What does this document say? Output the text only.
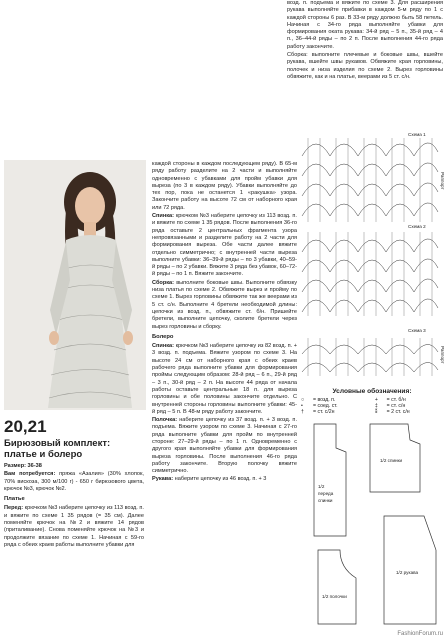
возд. п. подъема и вяжите по схеме 3. Для расширения рукава выполняйте прибавки в каждом 5-м ряду по 1 с каждой стороны 6 раз. В 33-м ряду должно быть 58 петель. Начиная с 34-го ряда выполняйте убавки для формирования оката рукава: 34-й ряд – 5 п., 35-й ряд – 4 п., 36–44-й ряды – по 2 п. После выполнения 44-го ряда работу закончите.

Сборка: выполните плечевые и боковые швы, вшейте рукава, вшейте швы рукавов. Обвяжите края горловины, полочек и низа изделия по схеме 2. Вырез горловины обвяжите, как и на платье, веерами из 5 ст. с/н.

каждой стороны в каждом последующем ряду). В 65-м ряду работу разделите на 2 части и выполняйте одновременно с убавками для пройм убавки для выреза (по 3 в каждом ряду). Убавки выполняйте до тех пор, пока не останется 1 «ракушка» узора. Закончите работу на высоте 72 см от наборного края или 72 ряда.

Спинка: крючком №3 наберите цепочку из 113 возд. п. и вяжите по схеме 1 35 рядов. После выполнения 36-го ряда оставьте 2 центральных фрагмента узора непровязанными и разделите работу на 2 части для формирования выреза. Обе части далее вяжите отдельно симметрично; с внутренней части выреза выполните убавки: 36–39-й ряды – по 3 убавки, 40–59-й ряды – по 2 убавки. Вяжите 3 ряда без убавок, 60–72-й ряды – по 1 п. Вяжите закончите.

Сборка: выполните боковые швы. Выполните обвязку низа платья по схеме 2. Обвяжите вырез и пройму по схеме 1. Вырез горловины обвяжите так же веерами из 5 ст. с/н. Выполните 4 бретели необходимой длины: цепочки из возд. п., обвяжите ст. б/н. Пришейте бретели, выполните цепочку, сколите бретели через вырез горловины и сборку.

Болеро

Спинка: крючком №3 наберите цепочку из 82 возд. п. + 3 возд. п. подъема. Вяжите узором по схеме 3. На высоте 24 см от наборного края с обеих краев рабочего ряда выполните убавки для формирования проймы следующим образом: 28-й ряд – 6 п., 29-й ряд – 3 п., 30-й ряд – 2 п. На высоте 44 ряда от начала работы оставьте центральные 18 п. для выреза горловины и обе половины закончите отдельно. С внутренней стороны горловины выполните убавки: 45-й ряд – 5 п. В 48-м ряду работу закончите.

Полочка: наберите цепочку из 37 возд. п. + 3 возд. п. подъема. Вяжите узором по схеме 3. Начиная с 27-го ряда выполните убавки для пройм по внутренней стороне: 27–29-й ряды – по 1 п. Одновременно с другого края выполняйте убавки для формирования выреза горловины. После выполнения 46-го ряда работу закончите. Вторую полочку вяжите симметрично.

Рукава: наберите цепочку из 46 возд. п. + 3

20,21
Бирюзовый комплект: платье и болеро

Размер: 36-38

Вам потребуется: пряжа «Азалия» (30% хлопок, 70% вискоза, 300 м/100 г) - 650 г бирюзового цвета, крючок №3, крючок №2.

Платье

Перед: крючком №3 наберите цепочку из 113 возд. п. и вяжите по схеме 1 35 рядов (= 35 см). Далее поменяйте крючок на №2 и вяжите 14 рядов (приталивание). Снова поменяйте крючок на №3 и продолжите вязание по схеме 1. Начиная с 59-го ряда с обеих краев работы выполните убавки для

Схема 1
Схема 2
Схема 3
Раппорт
Раппорт
Условные обозначения:
○	= возд. п.	+	= ст. б/н
•	= соед. ст.	‡	= ст. с/н
†	= ст. с/2н	⁑	= 2 ст. с/н
1/2
переда
спинки
1/2 спинки
1/2 полочки
1/2 рукава
FashionForum.ru
